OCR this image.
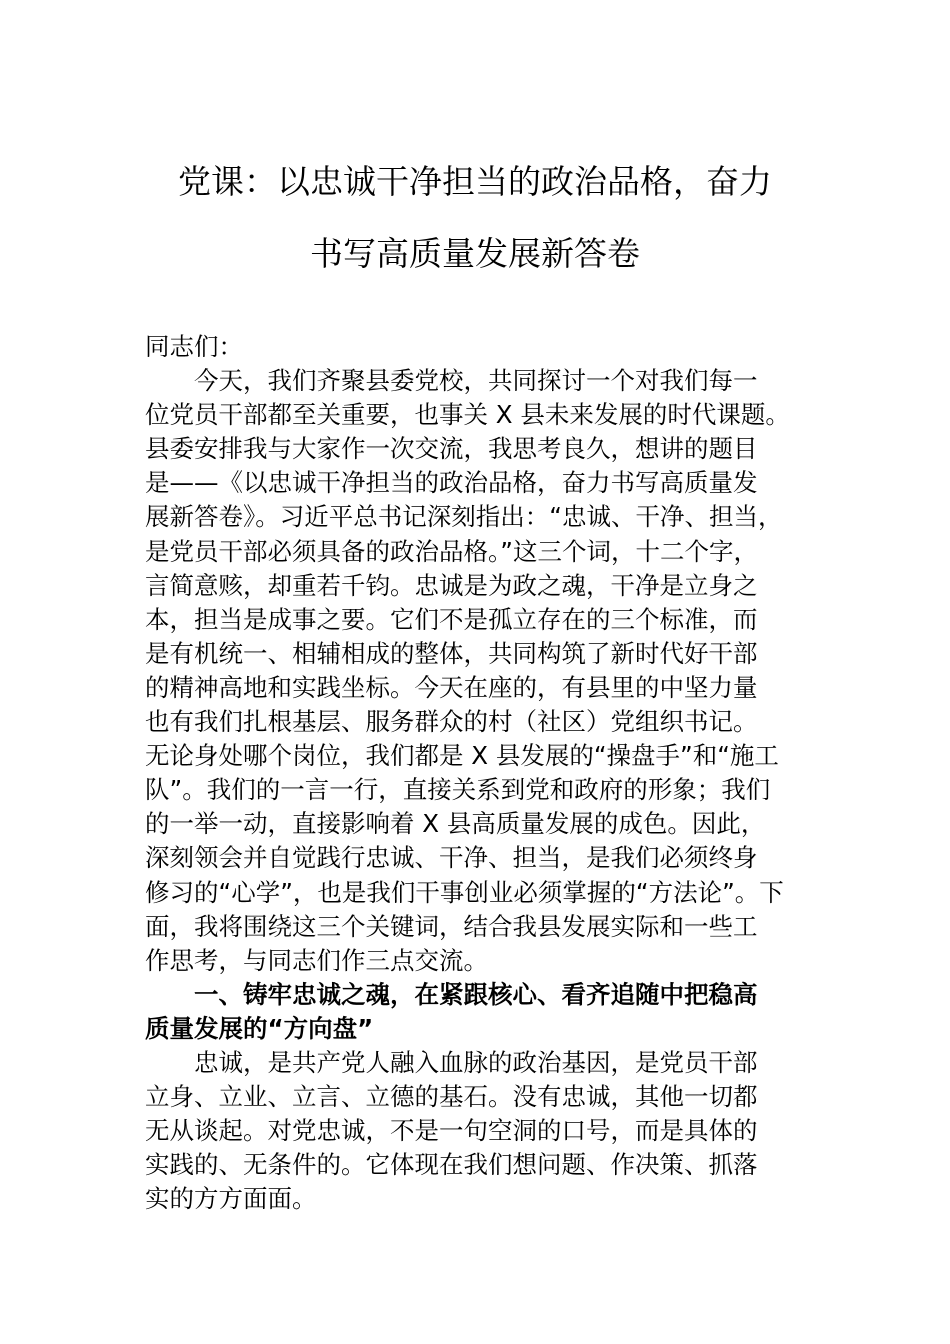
党课：以忠诚干净担当的政治品格，奋力
书写高质量发展新答卷
同志们：
今天，我们齐聚县委党校，共同探讨一个对我们每一
位党员干部都至关重要，也事关 X 县未来发展的时代课题。
县委安排我与大家作一次交流，我思考良久，想讲的题目
是——《以忠诚干净担当的政治品格，奋力书写高质量发
展新答卷》。习近平总书记深刻指出：“忠诚、干净、担当，
是党员干部必须具备的政治品格。”这三个词，十二个字，
言简意赅，却重若千钧。忠诚是为政之魂，干净是立身之
本，担当是成事之要。它们不是孤立存在的三个标准，而
是有机统一、相辅相成的整体，共同构筑了新时代好干部
的精神高地和实践坐标。今天在座的，有县里的中坚力量
也有我们扎根基层、服务群众的村（社区）党组织书记。
无论身处哪个岗位，我们都是 X 县发展的“操盘手”和“施工
队”。我们的一言一行，直接关系到党和政府的形象；我们
的一举一动，直接影响着 X 县高质量发展的成色。因此，
深刻领会并自觉践行忠诚、干净、担当，是我们必须终身
修习的“心学”，也是我们干事创业必须掌握的“方法论”。下
面，我将围绕这三个关键词，结合我县发展实际和一些工
作思考，与同志们作三点交流。
一、铸牢忠诚之魂，在紧跟核心、看齐追随中把稳高
质量发展的“方向盘”
忠诚，是共产党人融入血脉的政治基因，是党员干部
立身、立业、立言、立德的基石。没有忠诚，其他一切都
无从谈起。对党忠诚，不是一句空洞的口号，而是具体的
实践的、无条件的。它体现在我们想问题、作决策、抓落
实的方方面面。
